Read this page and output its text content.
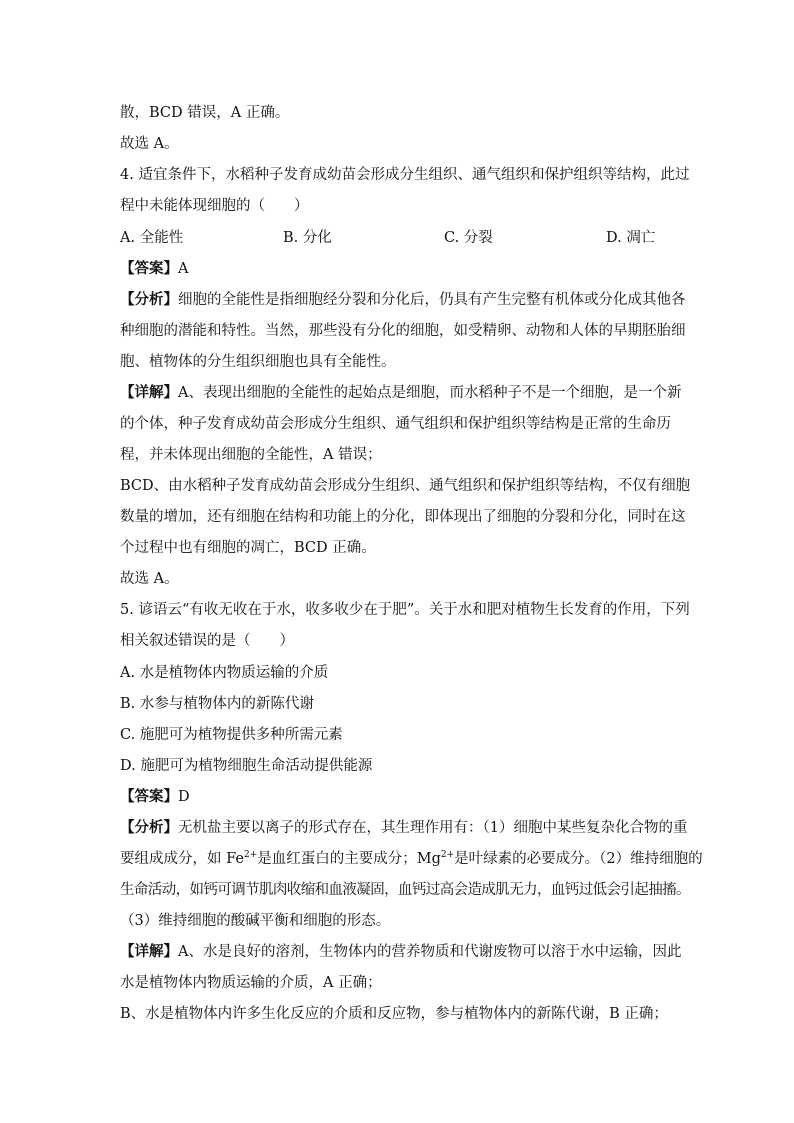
散，BCD 错误，A 正确。
故选 A。
4. 适宜条件下，水稻种子发育成幼苗会形成分生组织、通气组织和保护组织等结构，此过
程中未能体现细胞的（　　）
A. 全能性	B. 分化	C. 分裂	D. 凋亡
【答案】A
【分析】细胞的全能性是指细胞经分裂和分化后，仍具有产生完整有机体或分化成其他各
种细胞的潜能和特性。当然，那些没有分化的细胞，如受精卵、动物和人体的早期胚胎细
胞、植物体的分生组织细胞也具有全能性。
【详解】A、表现出细胞的全能性的起始点是细胞，而水稻种子不是一个细胞，是一个新
的个体，种子发育成幼苗会形成分生组织、通气组织和保护组织等结构是正常的生命历
程，并未体现出细胞的全能性，A 错误；
BCD、由水稻种子发育成幼苗会形成分生组织、通气组织和保护组织等结构，不仅有细胞
数量的增加，还有细胞在结构和功能上的分化，即体现出了细胞的分裂和分化，同时在这
个过程中也有细胞的凋亡，BCD 正确。
故选 A。
5. 谚语云“有收无收在于水，收多收少在于肥”。关于水和肥对植物生长发育的作用，下列
相关叙述错误的是（　　）
A. 水是植物体内物质运输的介质
B. 水参与植物体内的新陈代谢
C. 施肥可为植物提供多种所需元素
D. 施肥可为植物细胞生命活动提供能源
【答案】D
【分析】无机盐主要以离子的形式存在，其生理作用有：（1）细胞中某些复杂化合物的重
要组成成分，如 $Fe^{2+}$是血红蛋白的主要成分；$Mg^{2+}$是叶绿素的必要成分。（2）维持细胞的
生命活动，如钙可调节肌肉收缩和血液凝固，血钙过高会造成肌无力，血钙过低会引起抽搐。
（3）维持细胞的酸碱平衡和细胞的形态。
【详解】A、水是良好的溶剂，生物体内的营养物质和代谢废物可以溶于水中运输，因此
水是植物体内物质运输的介质，A 正确；
B、水是植物体内许多生化反应的介质和反应物，参与植物体内的新陈代谢，B 正确；
